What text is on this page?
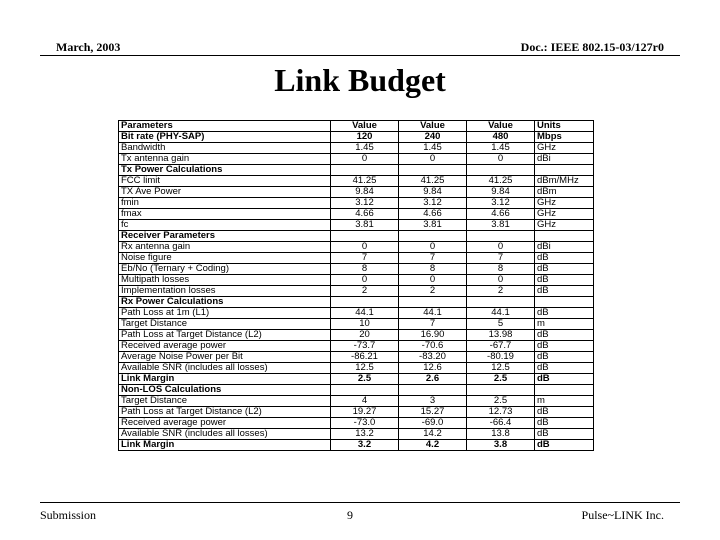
March, 2003	Doc.: IEEE 802.15-03/127r0
Link Budget
Parameters	Value	Value	Value	Units
Bit rate (PHY-SAP)	120	240	480	Mbps
Bandwidth	1.45	1.45	1.45	GHz
Tx antenna gain	0	0	0	dBi
Tx Power Calculations				
FCC limit	41.25	41.25	41.25	dBm/MHz
TX Ave Power	9.84	9.84	9.84	dBm
fmin	3.12	3.12	3.12	GHz
fmax	4.66	4.66	4.66	GHz
fc	3.81	3.81	3.81	GHz
Receiver Parameters				
Rx antenna gain	0	0	0	dBi
Noise figure	7	7	7	dB
Eb/No (Ternary + Coding)	8	8	8	dB
Multipath losses	0	0	0	dB
Implementation losses	2	2	2	dB
Rx Power Calculations				
Path Loss at 1m (L1)	44.1	44.1	44.1	dB
Target Distance	10	7	5	m
Path Loss at Target Distance (L2)	20	16.90	13.98	dB
Received average power	-73.7	-70.6	-67.7	dB
Average Noise Power per Bit	-86.21	-83.20	-80.19	dB
Available SNR (includes all losses)	12.5	12.6	12.5	dB
Link Margin	2.5	2.6	2.5	dB
Non-LOS Calculations				
Target Distance	4	3	2.5	m
Path Loss at Target Distance (L2)	19.27	15.27	12.73	dB
Received average power	-73.0	-69.0	-66.4	dB
Available SNR (includes all losses)	13.2	14.2	13.8	dB
Link Margin	3.2	4.2	3.8	dB
Submission	9	Pulse~LINK Inc.
